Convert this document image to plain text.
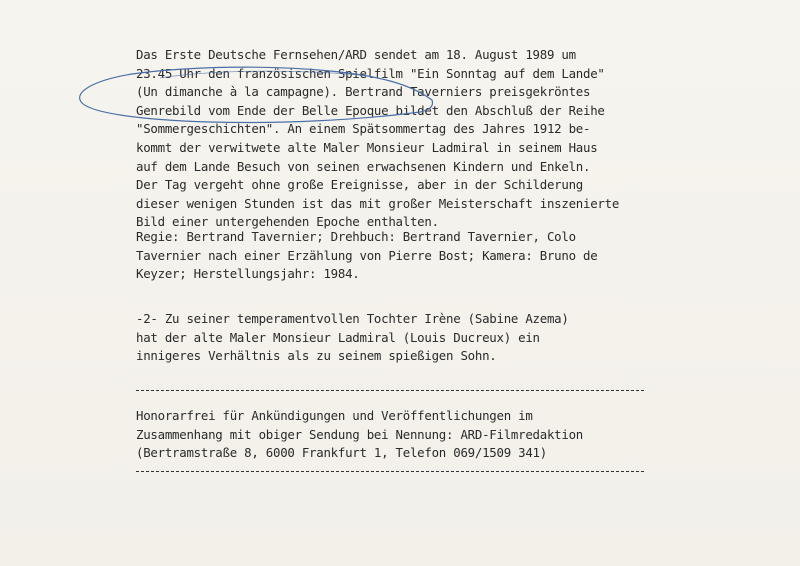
Das Erste Deutsche Fernsehen/ARD sendet am 18. August 1989 um
23.45 Uhr den französischen Spielfilm "Ein Sonntag auf dem Lande"
(Un dimanche à la campagne). Bertrand Taverniers preisgekröntes
Genrebild vom Ende der Belle Epoque bildet den Abschluß der Reihe
"Sommergeschichten". An einem Spätsommertag des Jahres 1912 be-
kommt der verwitwete alte Maler Monsieur Ladmiral in seinem Haus
auf dem Lande Besuch von seinen erwachsenen Kindern und Enkeln.
Der Tag vergeht ohne große Ereignisse, aber in der Schilderung
dieser wenigen Stunden ist das mit großer Meisterschaft inszenierte
Bild einer untergehenden Epoche enthalten.
Regie: Bertrand Tavernier; Drehbuch: Bertrand Tavernier, Colo
Tavernier nach einer Erzählung von Pierre Bost; Kamera: Bruno de
Keyzer; Herstellungsjahr: 1984.
-2- Zu seiner temperamentvollen Tochter Irène (Sabine Azema)
hat der alte Maler Monsieur Ladmiral (Louis Ducreux) ein
innigeres Verhältnis als zu seinem spießigen Sohn.
Honorarfrei für Ankündigungen und Veröffentlichungen im
Zusammenhang mit obiger Sendung bei Nennung: ARD-Filmredaktion
(Bertramstraße 8, 6000 Frankfurt 1, Telefon 069/1509 341)
